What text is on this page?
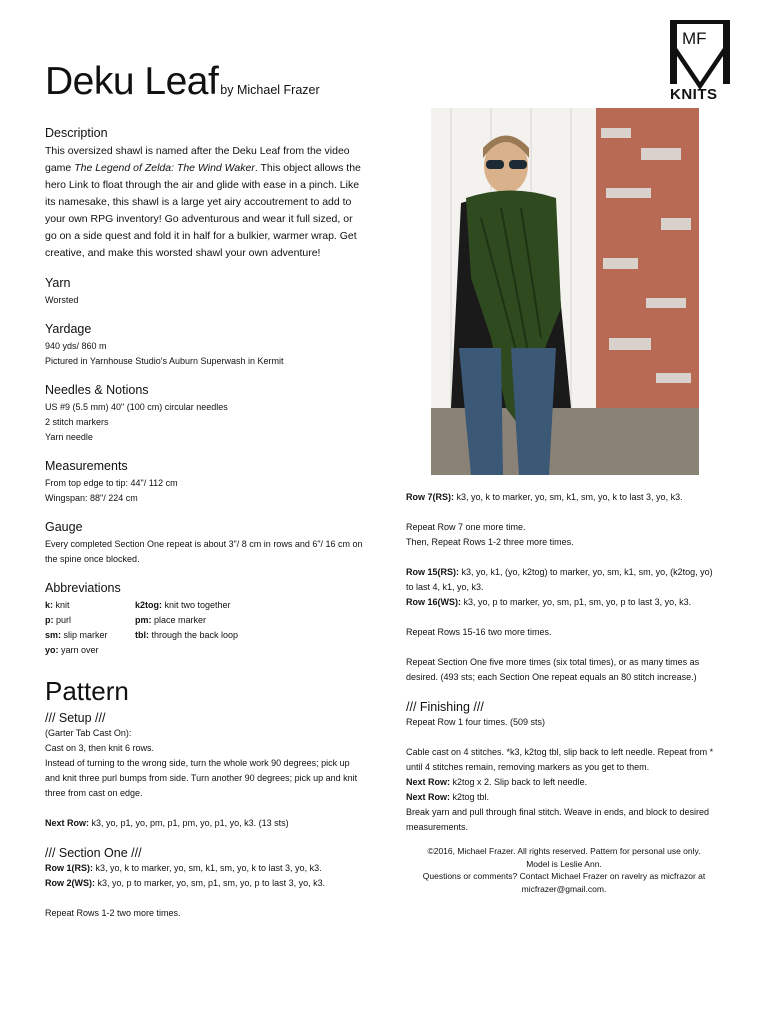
Deku Leaf by Michael Frazer
MF
KNITS
Description

This oversized shawl is named after the Deku Leaf from the video game The Legend of Zelda: The Wind Waker. This object allows the hero Link to float through the air and glide with ease in a pinch. Like its namesake, this shawl is a large yet airy accoutrement to add to your own RPG inventory! Go adventurous and wear it full sized, or go on a side quest and fold it in half for a bulkier, warmer wrap. Get creative, and make this worsted shawl your own adventure!

Yarn

Worsted

Yardage

940 yds/ 860 m

Pictured in Yarnhouse Studio's Auburn Superwash in Kermit

Needles & Notions

US #9 (5.5 mm) 40" (100 cm) circular needles

2 stitch markers

Yarn needle

Measurements

From top edge to tip: 44"/ 112 cm

Wingspan: 88"/ 224 cm

Gauge

Every completed Section One repeat is about 3"/ 8 cm in rows and 6"/ 16 cm on the spine once blocked.

Abbreviations
k: knit	k2tog: knit two together
p: purl	pm: place marker
sm: slip marker	tbl: through the back loop
yo: yarn over
Pattern
/// Setup ///

(Garter Tab Cast On):

Cast on 3, then knit 6 rows.

Instead of turning to the wrong side, turn the whole work 90 degrees; pick up and knit three purl bumps from side. Turn another 90 degrees; pick up and knit three from cast on edge.

Next Row: k3, yo, p1, yo, pm, p1, pm, yo, p1, yo, k3. (13 sts)

/// Section One ///

Row 1(RS): k3, yo, k to marker, yo, sm, k1, sm, yo, k to last 3, yo, k3.

Row 2(WS): k3, yo, p to marker, yo, sm, p1, sm, yo, p to last 3, yo, k3.

Repeat Rows 1-2 two more times.

Row 7(RS): k3, yo, k to marker, yo, sm, k1, sm, yo, k to last 3, yo, k3.

Repeat Row 7 one more time.

Then, Repeat Rows 1-2 three more times.

Row 15(RS): k3, yo, k1, (yo, k2tog) to marker, yo, sm, k1, sm, yo, (k2tog, yo) to last 4, k1, yo, k3.

Row 16(WS): k3, yo, p to marker, yo, sm, p1, sm, yo, p to last 3, yo, k3.

Repeat Rows 15-16 two more times.

Repeat Section One five more times (six total times), or as many times as desired. (493 sts; each Section One repeat equals an 80 stitch increase.)

/// Finishing ///

Repeat Row 1 four times. (509 sts)

Cable cast on 4 stitches. *k3, k2tog tbl, slip back to left needle. Repeat from * until 4 stitches remain, removing markers as you get to them.

Next Row: k2tog x 2. Slip back to left needle.

Next Row: k2tog tbl.

Break yarn and pull through final stitch. Weave in ends, and block to desired measurements.

©2016, Michael Frazer. All rights reserved. Pattern for personal use only.
Model is Leslie Ann.
Questions or comments? Contact Michael Frazer on ravelry as micfrazor at
micfrazer@gmail.com.
